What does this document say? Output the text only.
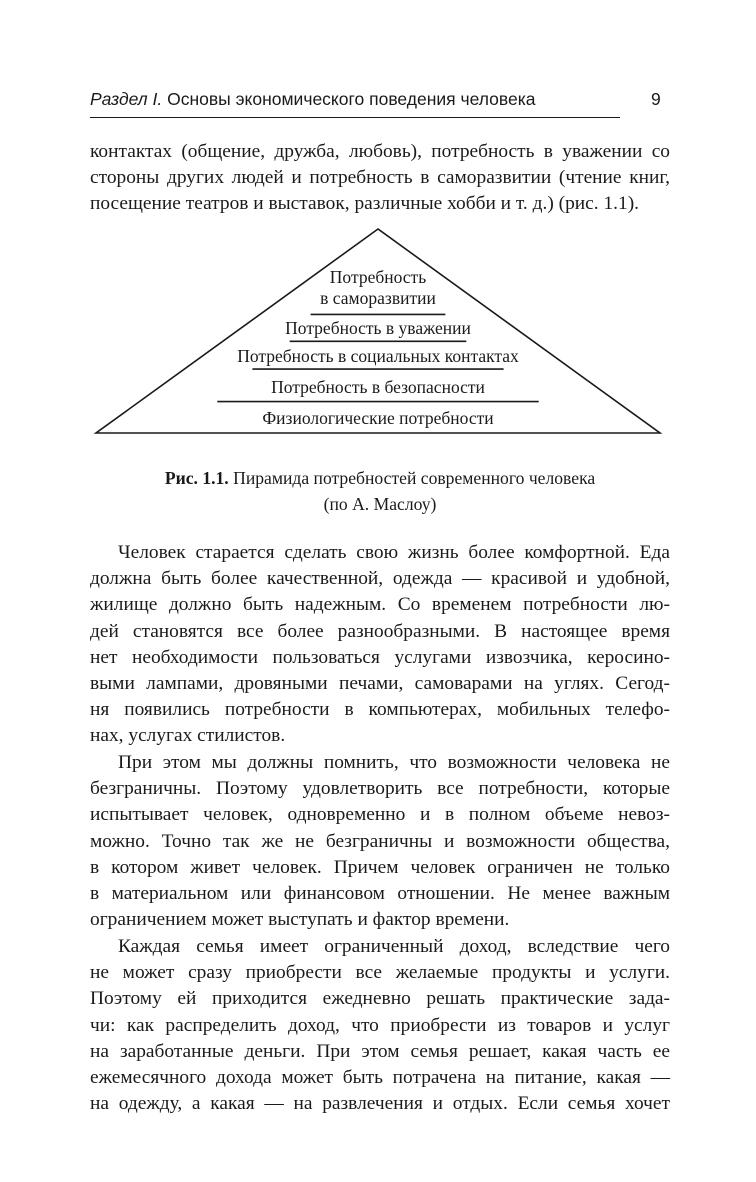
Раздел I. Основы экономического поведения человека	9
контактах (общение, дружба, любовь), потребность в уважении со
стороны других людей и потребность в саморазвитии (чтение книг,
посещение театров и выставок, различные хобби и т. д.) (рис. 1.1).
Потребность
в саморазвитии
Потребность в уважении
Потребность в социальных контактах
Потребность в безопасности
Физиологические потребности
Рис. 1.1. Пирамида потребностей современного человека
(по А. Маслоу)
Человек старается сделать свою жизнь более комфортной. Еда
должна быть более качественной, одежда — красивой и удобной,
жилище должно быть надежным. Со временем потребности лю-
дей становятся все более разнообразными. В настоящее время
нет необходимости пользоваться услугами извозчика, керосино-
выми лампами, дровяными печами, самоварами на углях. Сегод-
ня появились потребности в компьютерах, мобильных телефо-
нах, услугах стилистов.
При этом мы должны помнить, что возможности человека не
безграничны. Поэтому удовлетворить все потребности, которые
испытывает человек, одновременно и в полном объеме невоз-
можно. Точно так же не безграничны и возможности общества,
в котором живет человек. Причем человек ограничен не только
в материальном или финансовом отношении. Не менее важным
ограничением может выступать и фактор времени.
Каждая семья имеет ограниченный доход, вследствие чего
не может сразу приобрести все желаемые продукты и услуги.
Поэтому ей приходится ежедневно решать практические зада-
чи: как распределить доход, что приобрести из товаров и услуг
на заработанные деньги. При этом семья решает, какая часть ее
ежемесячного дохода может быть потрачена на питание, какая —
на одежду, а какая — на развлечения и отдых. Если семья хочет
